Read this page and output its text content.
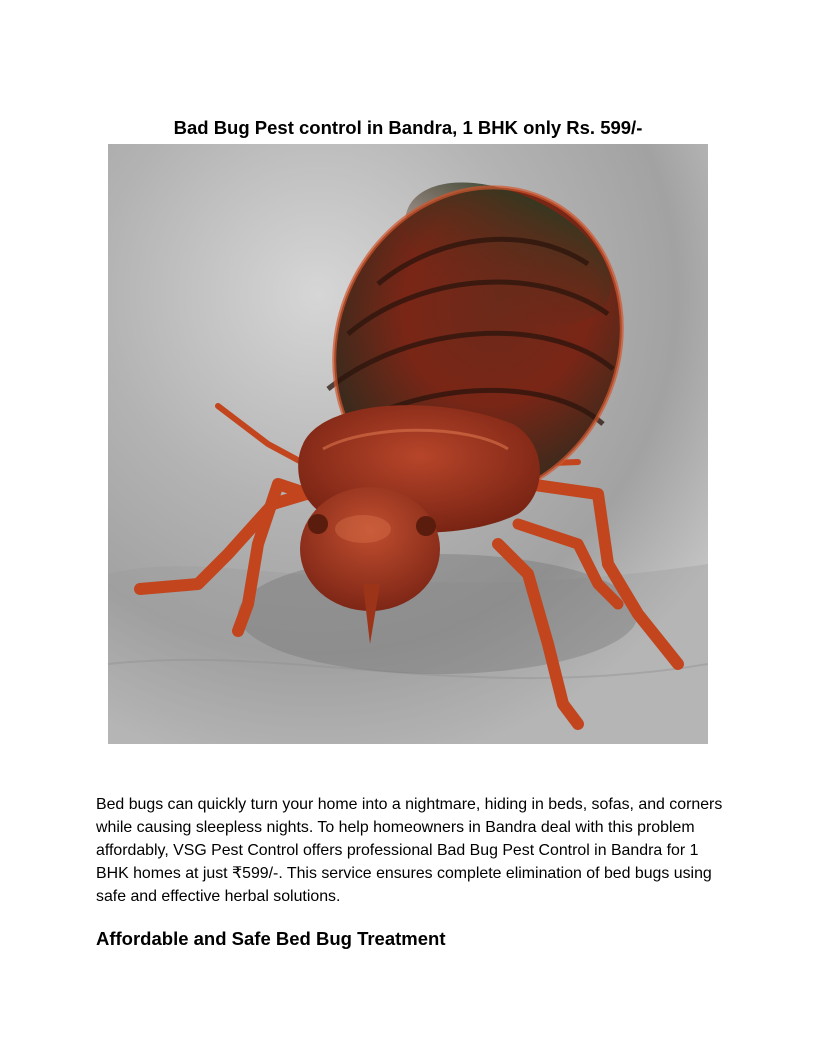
Bad Bug Pest control in Bandra, 1 BHK only Rs. 599/-

Bed bugs can quickly turn your home into a nightmare, hiding in beds, sofas, and corners while causing sleepless nights. To help homeowners in Bandra deal with this problem affordably, VSG Pest Control offers professional Bad Bug Pest Control in Bandra for 1 BHK homes at just ₹599/-. This service ensures complete elimination of bed bugs using safe and effective herbal solutions.

Affordable and Safe Bed Bug Treatment
